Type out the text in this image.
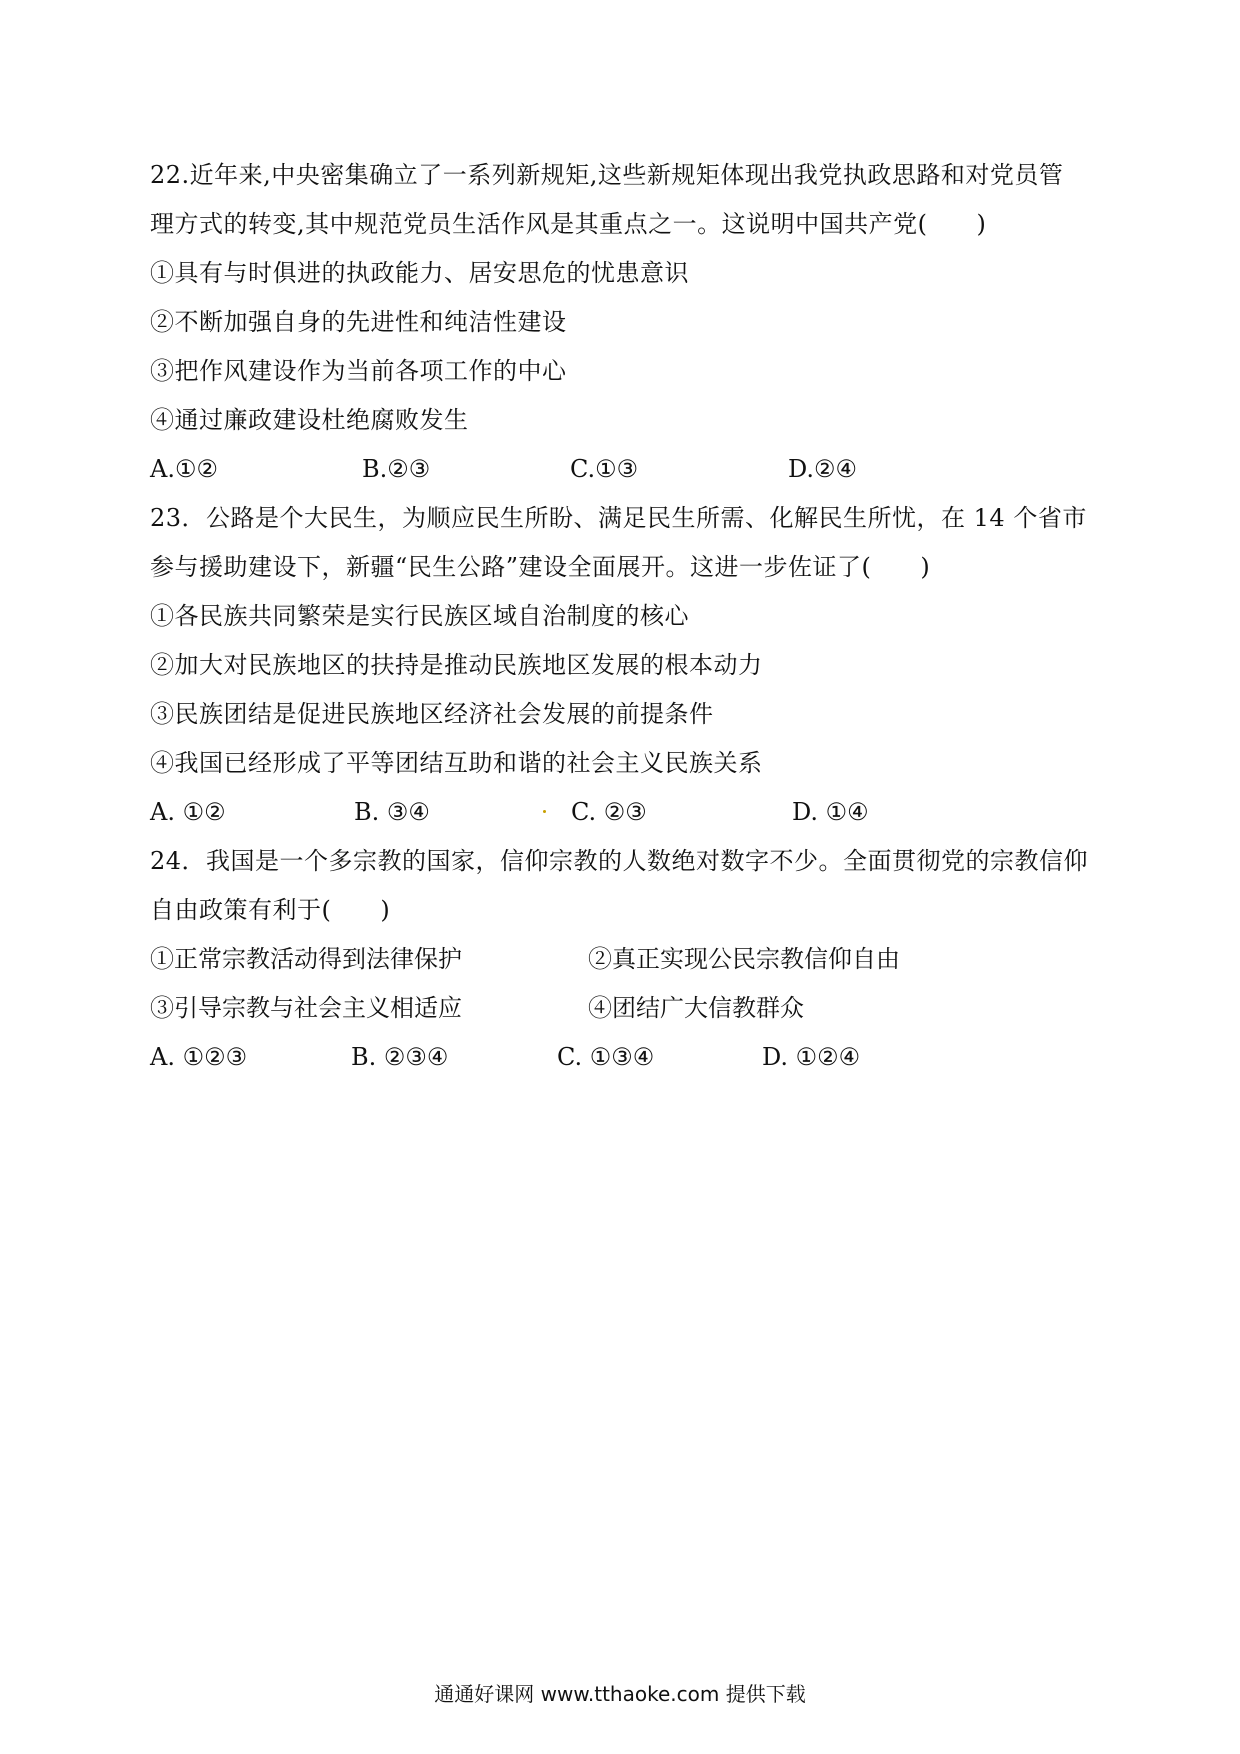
22.近年来,中央密集确立了一系列新规矩,这些新规矩体现出我党执政思路和对党员管
理方式的转变,其中规范党员生活作风是其重点之一。这说明中国共产党(　　)
①具有与时俱进的执政能力、居安思危的忧患意识
②不断加强自身的先进性和纯洁性建设
③把作风建设作为当前各项工作的中心
④通过廉政建设杜绝腐败发生
A.①②	B.②③	C.①③	D.②④
23．公路是个大民生，为顺应民生所盼、满足民生所需、化解民生所忧，在 14 个省市
参与援助建设下，新疆“民生公路”建设全面展开。这进一步佐证了(　　)
①各民族共同繁荣是实行民族区域自治制度的核心
②加大对民族地区的扶持是推动民族地区发展的根本动力
③民族团结是促进民族地区经济社会发展的前提条件
④我国已经形成了平等团结互助和谐的社会主义民族关系
A. ①②	B. ③④	C. ②③	D. ①④
24．我国是一个多宗教的国家，信仰宗教的人数绝对数字不少。全面贯彻党的宗教信仰
自由政策有利于(　　)
①正常宗教活动得到法律保护	②真正实现公民宗教信仰自由
③引导宗教与社会主义相适应	④团结广大信教群众
A. ①②③	B. ②③④	C. ①③④	D. ①②④
通通好课网 www.tthaoke.com 提供下载
